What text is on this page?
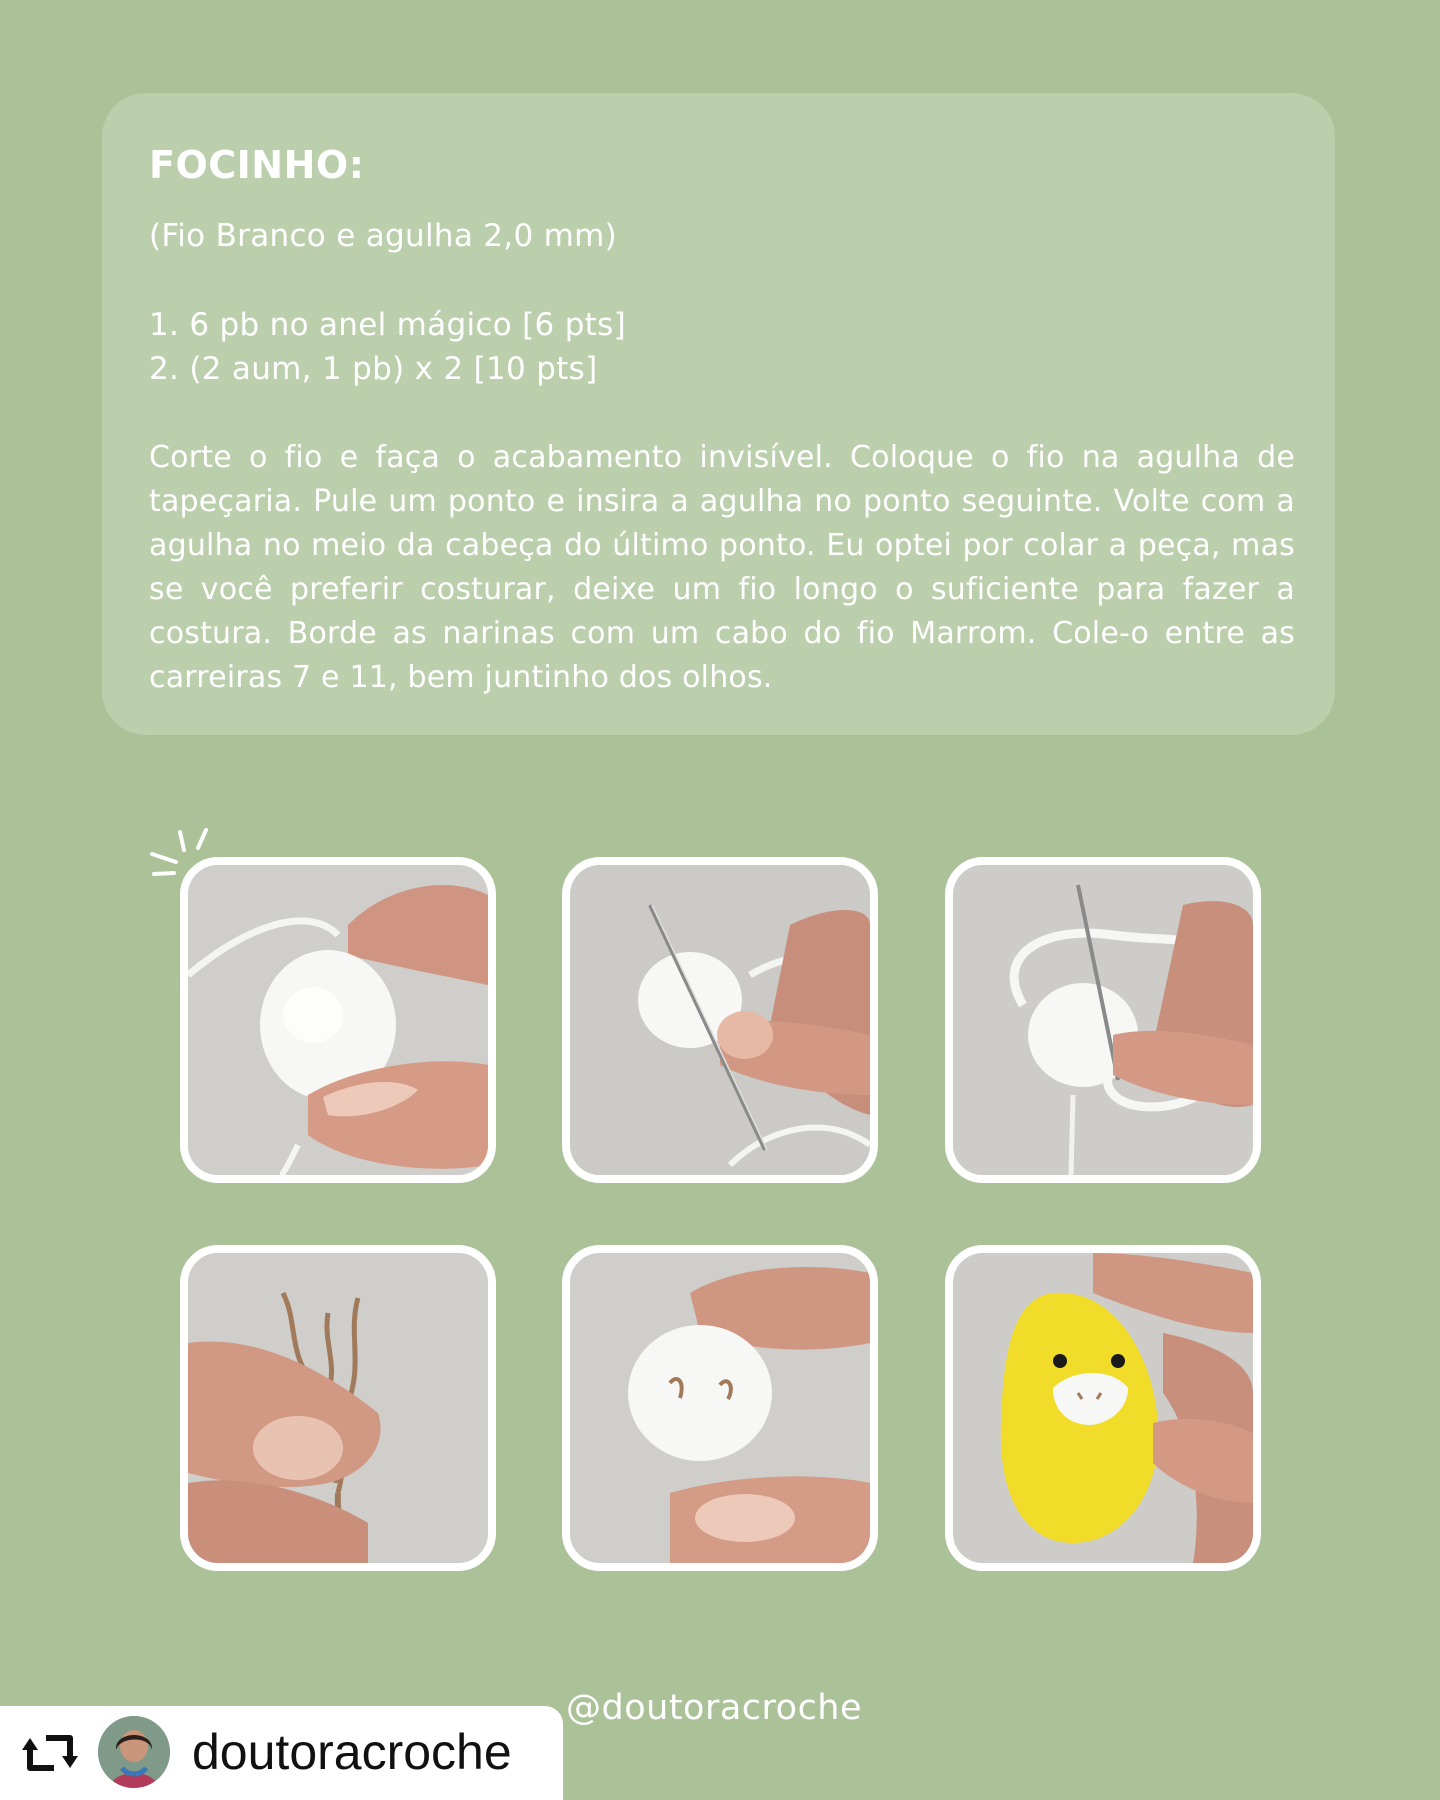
FOCINHO:

(Fio Branco e agulha 2,0 mm)

1. 6 pb no anel mágico [6 pts]
2. (2 aum, 1 pb) x 2 [10 pts]

Corte o fio e faça o acabamento invisível. Coloque o fio na agulha de tapeçaria. Pule um ponto e insira a agulha no ponto seguinte. Volte com a agulha no meio da cabeça do último ponto. Eu optei por colar a peça, mas se você preferir costurar, deixe um fio longo o suficiente para fazer a costura. Borde as narinas com um cabo do fio Marrom. Cole-o entre as carreiras 7 e 11, bem juntinho dos olhos.

@doutoracroche

doutoracroche
